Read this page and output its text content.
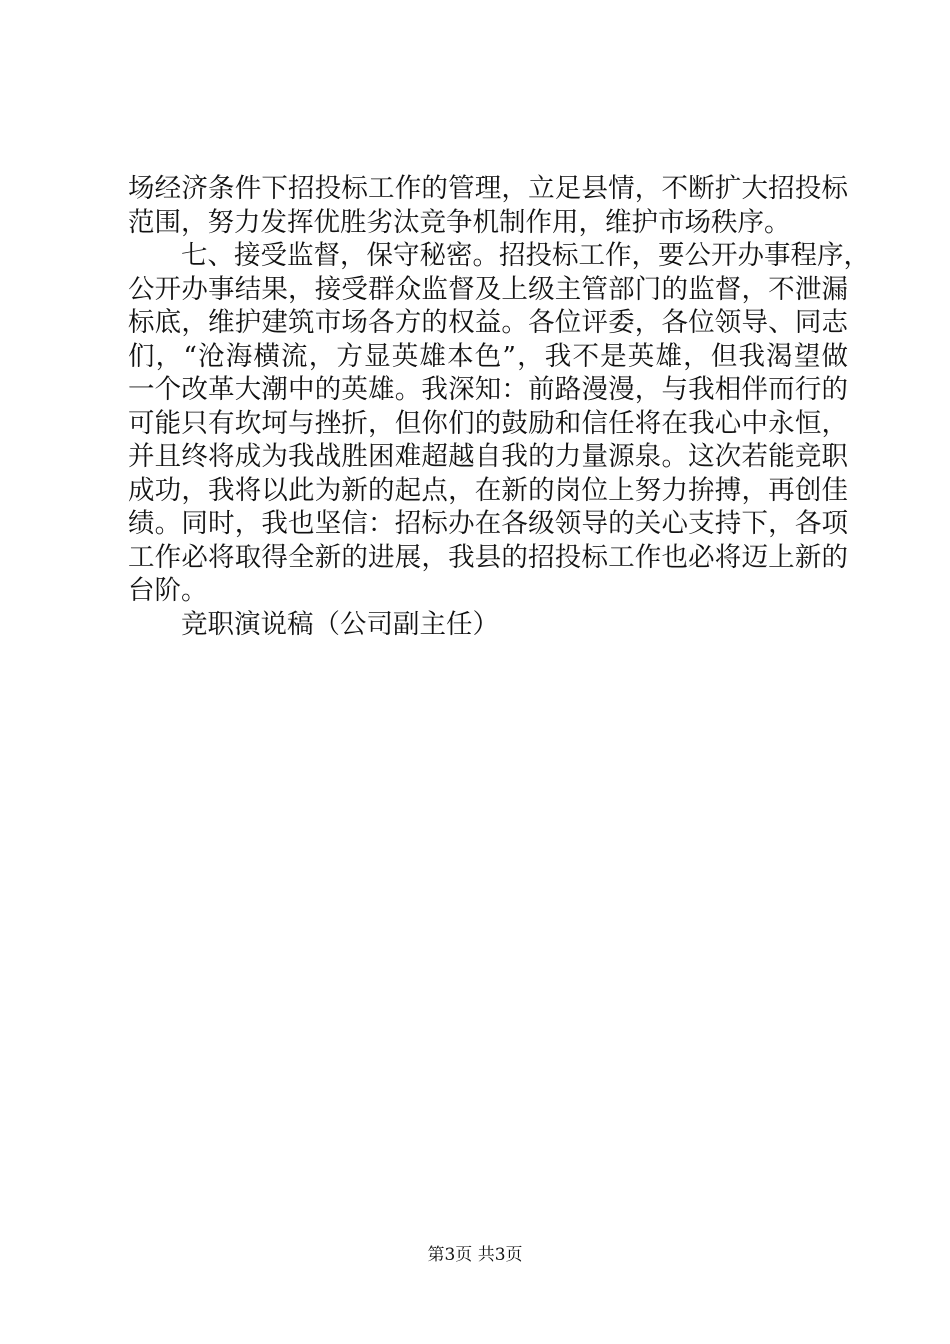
场经济条件下招投标工作的管理，立足县情，不断扩大招投标
范围，努力发挥优胜劣汰竞争机制作用，维护市场秩序。
　　七、接受监督，保守秘密。招投标工作，要公开办事程序，
公开办事结果，接受群众监督及上级主管部门的监督，不泄漏
标底，维护建筑市场各方的权益。各位评委，各位领导、同志
们，“沧海横流，方显英雄本色”，我不是英雄，但我渴望做
一个改革大潮中的英雄。我深知：前路漫漫，与我相伴而行的
可能只有坎坷与挫折，但你们的鼓励和信任将在我心中永恒，
并且终将成为我战胜困难超越自我的力量源泉。这次若能竞职
成功，我将以此为新的起点，在新的岗位上努力拚搏，再创佳
绩。同时，我也坚信：招标办在各级领导的关心支持下，各项
工作必将取得全新的进展，我县的招投标工作也必将迈上新的
台阶。
　　竞职演说稿（公司副主任）
第3页 共3页
